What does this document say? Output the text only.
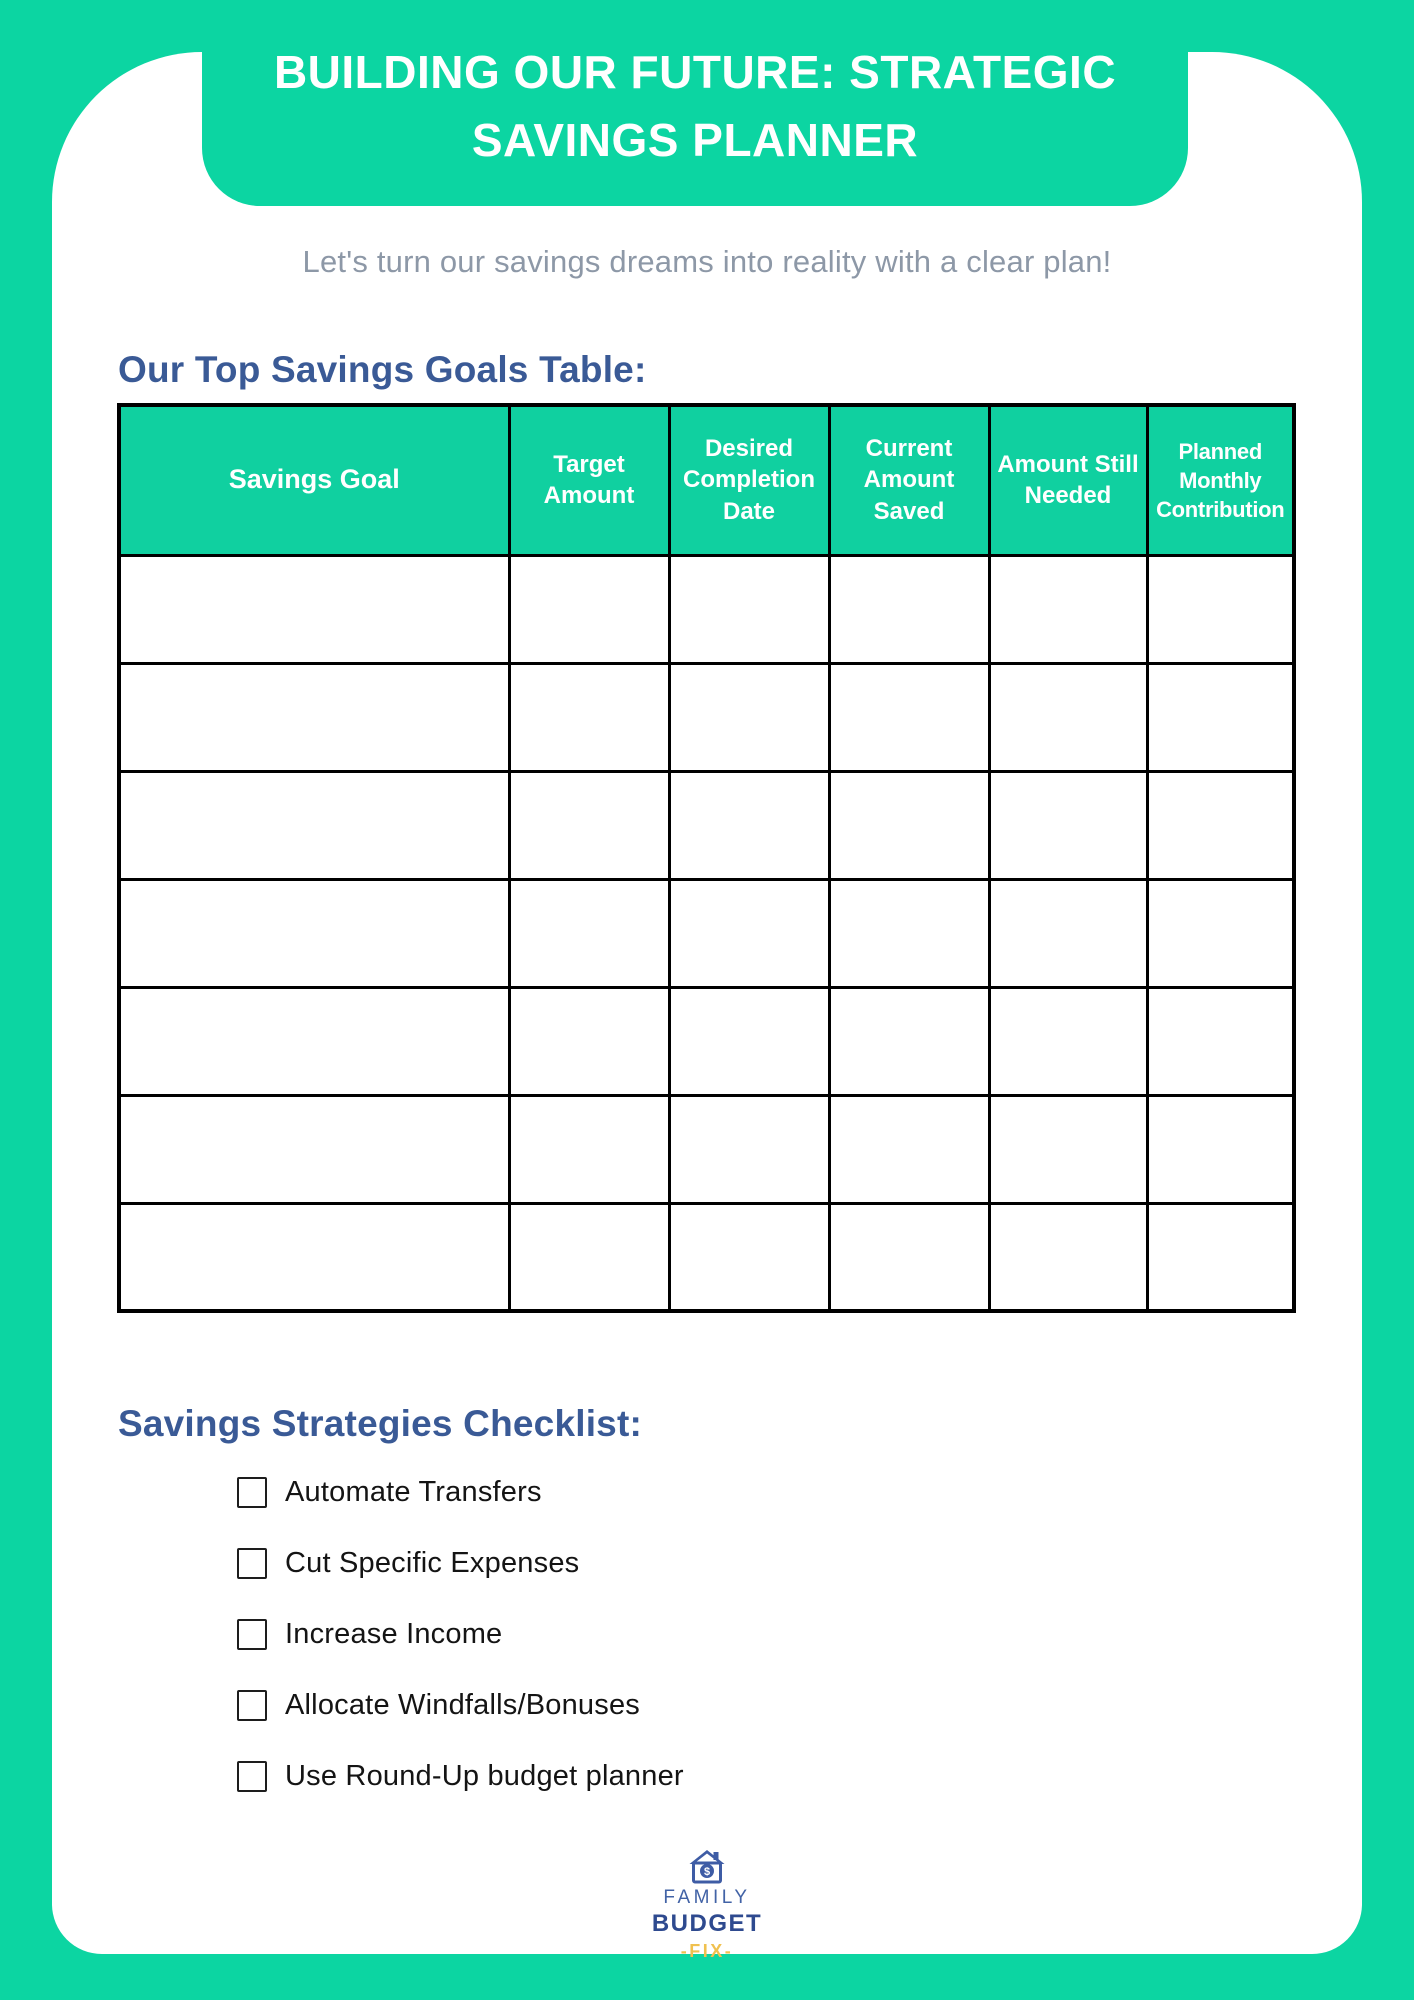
BUILDING OUR FUTURE: STRATEGIC
SAVINGS PLANNER
Let's turn our savings dreams into reality with a clear plan!
Our Top Savings Goals Table:
Savings Goal	Target Amount	Desired Completion Date	Current Amount Saved	Amount Still Needed	Planned Monthly Contribution

Savings Strategies Checklist:
Automate Transfers
Cut Specific Expenses
Increase Income
Allocate Windfalls/Bonuses
Use Round-Up budget planner
$
FAMILY
BUDGET
-FIX-
